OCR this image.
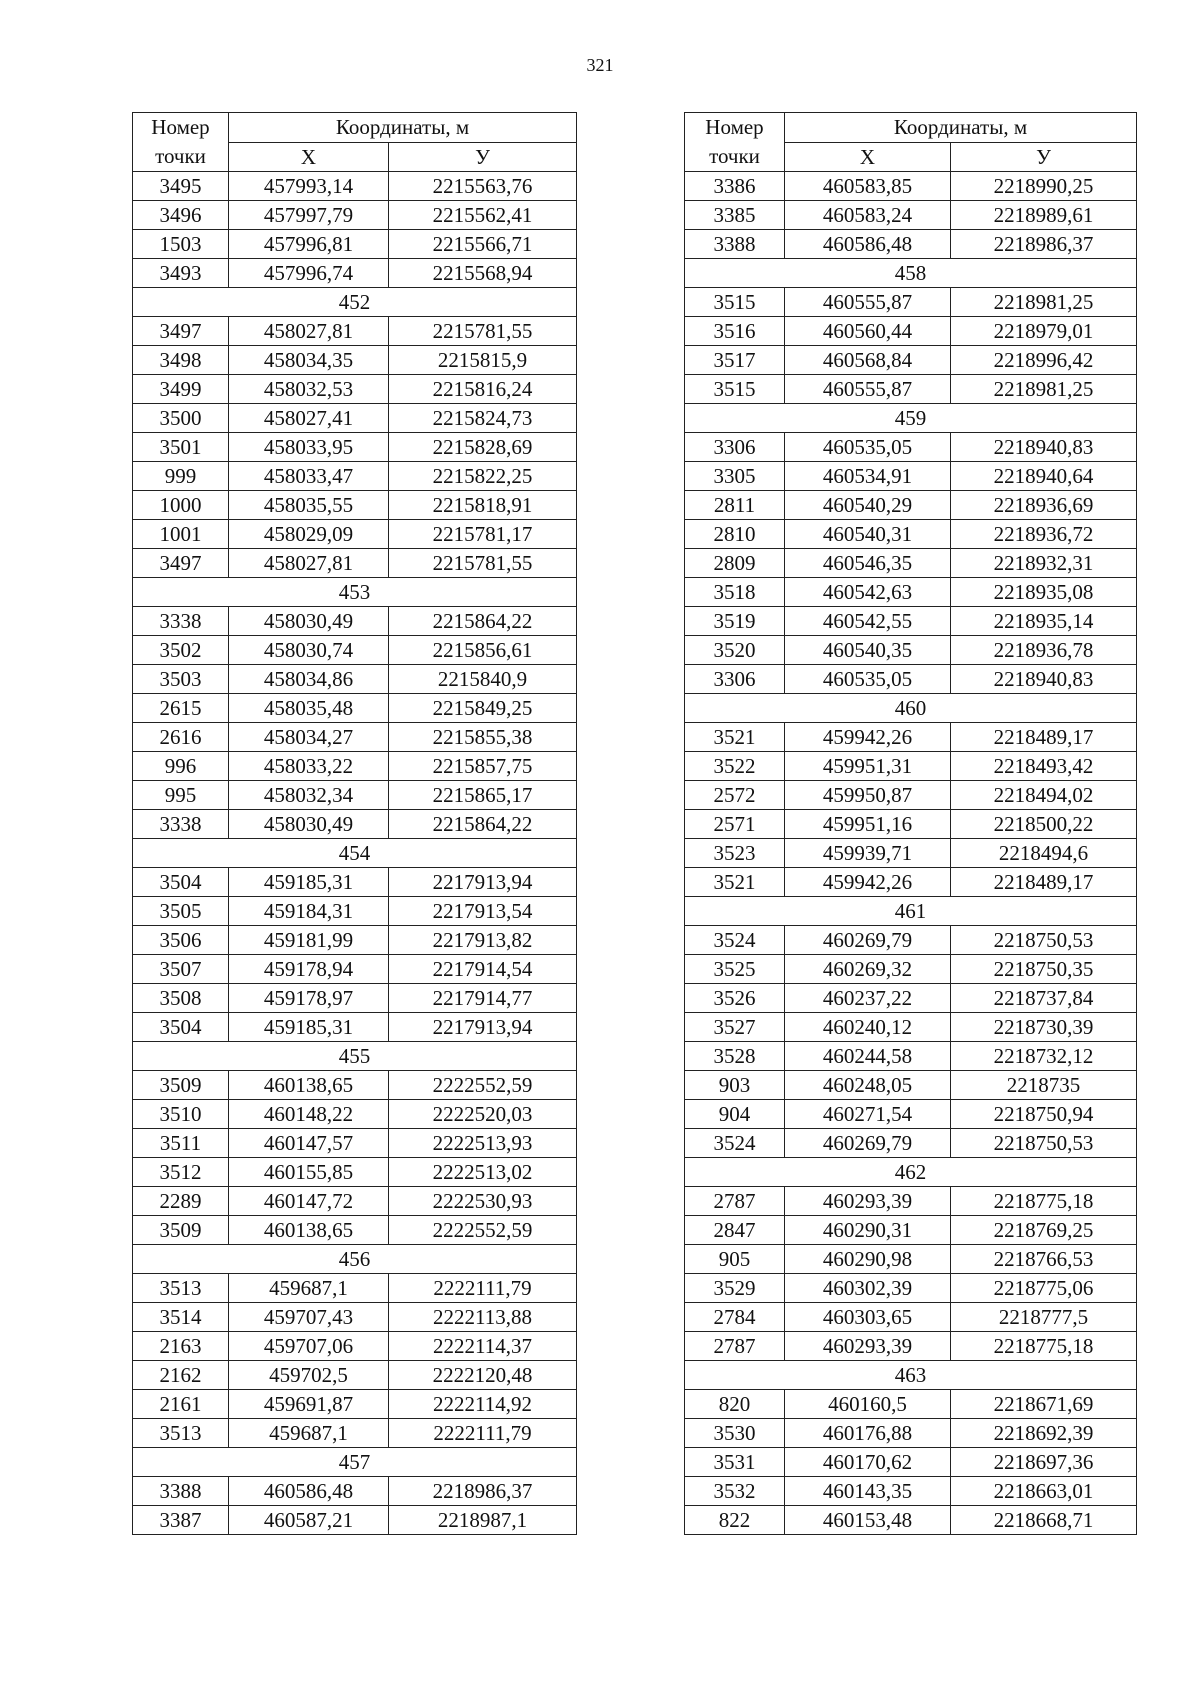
321
Номер
точки	Координаты, м	
	Х	У
3495	457993,14	2215563,76
3496	457997,79	2215562,41
1503	457996,81	2215566,71
3493	457996,74	2215568,94
452		
3497	458027,81	2215781,55
3498	458034,35	2215815,9
3499	458032,53	2215816,24
3500	458027,41	2215824,73
3501	458033,95	2215828,69
999	458033,47	2215822,25
1000	458035,55	2215818,91
1001	458029,09	2215781,17
3497	458027,81	2215781,55
453		
3338	458030,49	2215864,22
3502	458030,74	2215856,61
3503	458034,86	2215840,9
2615	458035,48	2215849,25
2616	458034,27	2215855,38
996	458033,22	2215857,75
995	458032,34	2215865,17
3338	458030,49	2215864,22
454		
3504	459185,31	2217913,94
3505	459184,31	2217913,54
3506	459181,99	2217913,82
3507	459178,94	2217914,54
3508	459178,97	2217914,77
3504	459185,31	2217913,94
455		
3509	460138,65	2222552,59
3510	460148,22	2222520,03
3511	460147,57	2222513,93
3512	460155,85	2222513,02
2289	460147,72	2222530,93
3509	460138,65	2222552,59
456		
3513	459687,1	2222111,79
3514	459707,43	2222113,88
2163	459707,06	2222114,37
2162	459702,5	2222120,48
2161	459691,87	2222114,92
3513	459687,1	2222111,79
457		
3388	460586,48	2218986,37
3387	460587,21	2218987,1
Номер
точки	Координаты, м	
	Х	У
3386	460583,85	2218990,25
3385	460583,24	2218989,61
3388	460586,48	2218986,37
458		
3515	460555,87	2218981,25
3516	460560,44	2218979,01
3517	460568,84	2218996,42
3515	460555,87	2218981,25
459		
3306	460535,05	2218940,83
3305	460534,91	2218940,64
2811	460540,29	2218936,69
2810	460540,31	2218936,72
2809	460546,35	2218932,31
3518	460542,63	2218935,08
3519	460542,55	2218935,14
3520	460540,35	2218936,78
3306	460535,05	2218940,83
460		
3521	459942,26	2218489,17
3522	459951,31	2218493,42
2572	459950,87	2218494,02
2571	459951,16	2218500,22
3523	459939,71	2218494,6
3521	459942,26	2218489,17
461		
3524	460269,79	2218750,53
3525	460269,32	2218750,35
3526	460237,22	2218737,84
3527	460240,12	2218730,39
3528	460244,58	2218732,12
903	460248,05	2218735
904	460271,54	2218750,94
3524	460269,79	2218750,53
462		
2787	460293,39	2218775,18
2847	460290,31	2218769,25
905	460290,98	2218766,53
3529	460302,39	2218775,06
2784	460303,65	2218777,5
2787	460293,39	2218775,18
463		
820	460160,5	2218671,69
3530	460176,88	2218692,39
3531	460170,62	2218697,36
3532	460143,35	2218663,01
822	460153,48	2218668,71
